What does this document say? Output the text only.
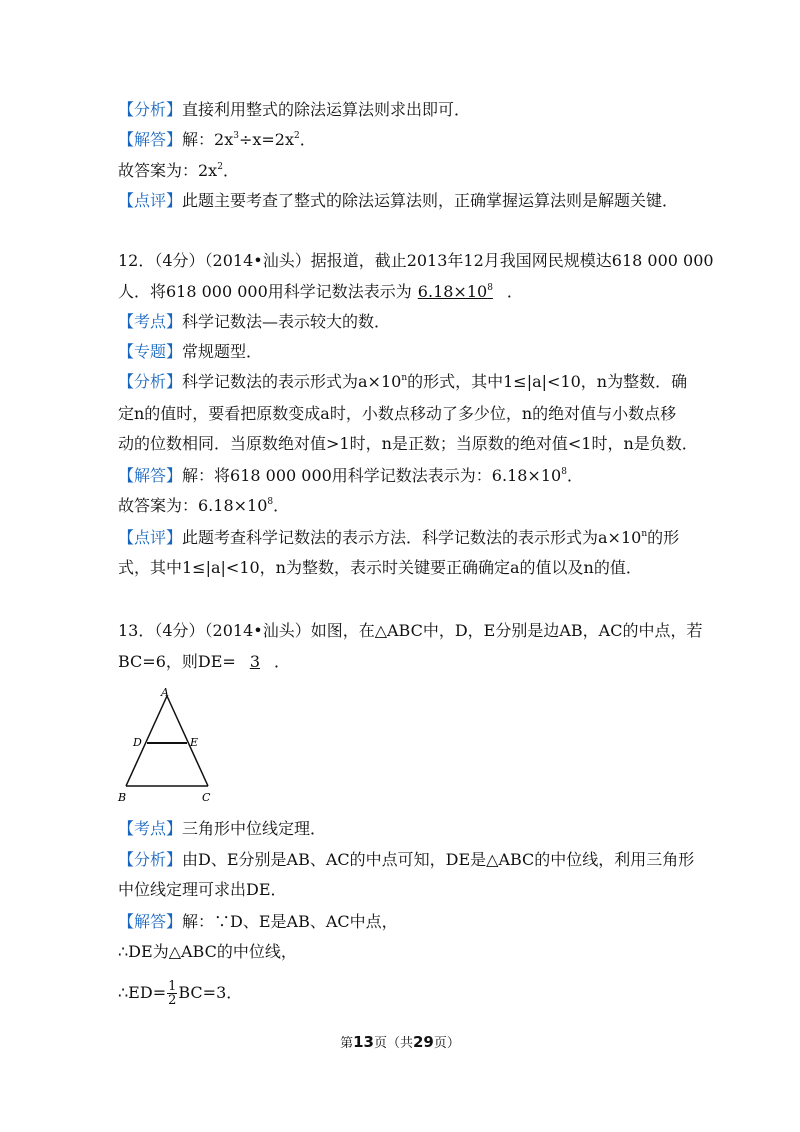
【分析】直接利用整式的除法运算法则求出即可．
【解答】解：$2x^3\div x=2x^2$．
故答案为：$2x^2$．
【点评】此题主要考查了整式的除法运算法则，正确掌握运算法则是解题关键．
12．（4分）（2014•汕头）据报道，截止2013年12月我国网民规模达618 000 000
人．将618 000 000用科学记数法表示为 $6.18\times 10^8$ ．
【考点】科学记数法—表示较大的数．
【专题】常规题型．
【分析】科学记数法的表示形式为$a\times 10^n$的形式，其中1≤|a|<10，n为整数．确
定n的值时，要看把原数变成a时，小数点移动了多少位，n的绝对值与小数点移
动的位数相同．当原数绝对值>1时，n是正数；当原数的绝对值<1时，n是负数．
【解答】解：将618 000 000用科学记数法表示为：$6.18\times 10^8$．
故答案为：$6.18\times 10^8$．
【点评】此题考查科学记数法的表示方法．科学记数法的表示形式为$a\times 10^n$的形
式，其中1≤|a|<10，n为整数，表示时关键要正确确定a的值以及n的值．
13．（4分）（2014•汕头）如图，在△ABC中，D，E分别是边AB，AC的中点，若
BC=6，则DE= 3 ．
A
D	E
B	C
【考点】三角形中位线定理．
【分析】由D、E分别是AB、AC的中点可知，DE是△ABC的中位线，利用三角形
中位线定理可求出DE．
【解答】解：∵D、E是AB、AC中点，
∴DE为△ABC的中位线，
∴ED= $\frac{1}{2} BC=3$．
第13页（共29页）
